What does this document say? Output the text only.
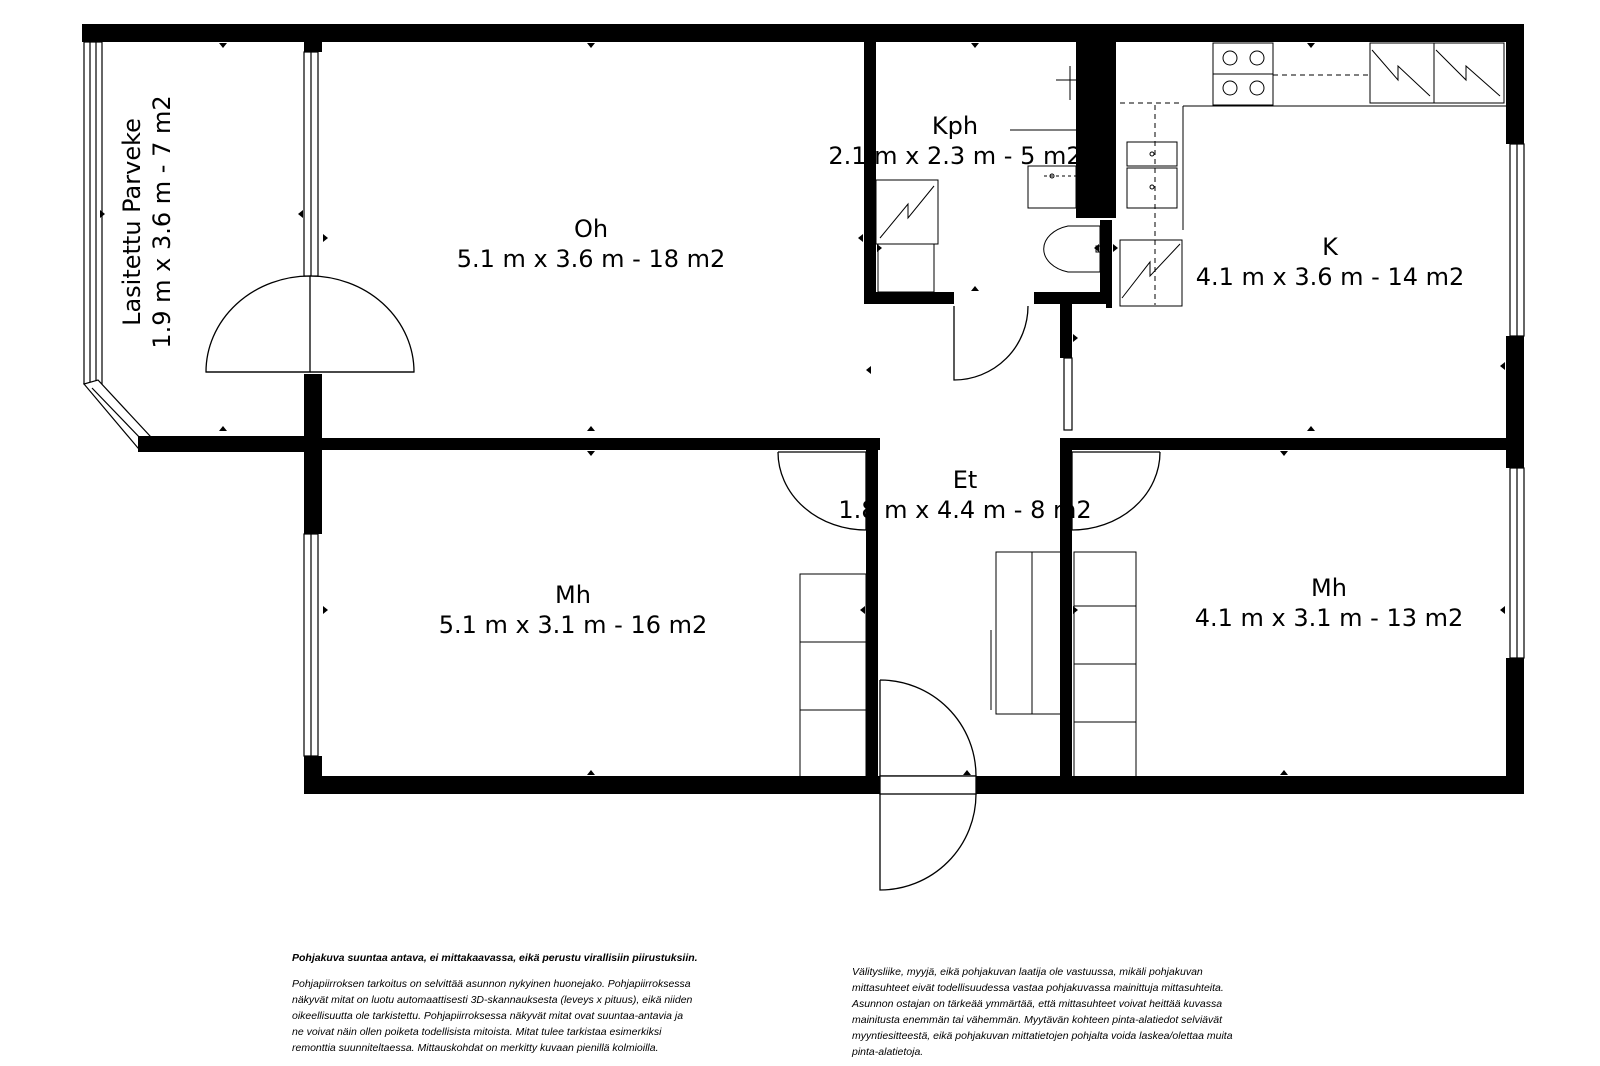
Lasitettu Parveke 1.9 m x 3.6 m - 7 m2	Oh
5.1 m x 3.6 m - 18 m2
Kph
2.1 m x 2.3 m - 5 m2
K
4.1 m x 3.6 m - 14 m2
Et
1.8 m x 4.4 m - 8 m2
Mh
5.1 m x 3.1 m - 16 m2
Mh
4.1 m x 3.1 m - 13 m2

Pohjakuva suuntaa antava, ei mittakaavassa, eikä perustu virallisiin piirustuksiin.

Pohjapiirroksen tarkoitus on selvittää asunnon nykyinen huonejako. Pohjapiirroksessa

näkyvät mitat on luotu automaattisesti 3D-skannauksesta (leveys x pituus), eikä niiden

oikeellisuutta ole tarkistettu. Pohjapiirroksessa näkyvät mitat ovat suuntaa-antavia ja

ne voivat näin ollen poiketa todellisista mitoista. Mitat tulee tarkistaa esimerkiksi

remonttia suunniteltaessa. Mittauskohdat on merkitty kuvaan pienillä kolmioilla.

Välitysliike, myyjä, eikä pohjakuvan laatija ole vastuussa, mikäli pohjakuvan

mittasuhteet eivät todellisuudessa vastaa pohjakuvassa mainittuja mittasuhteita.

Asunnon ostajan on tärkeää ymmärtää, että mittasuhteet voivat heittää kuvassa

mainitusta enemmän tai vähemmän. Myytävän kohteen pinta-alatiedot selviävät

myyntiesitteestä, eikä pohjakuvan mittatietojen pohjalta voida laskea/olettaa muita

pinta-alatietoja.
